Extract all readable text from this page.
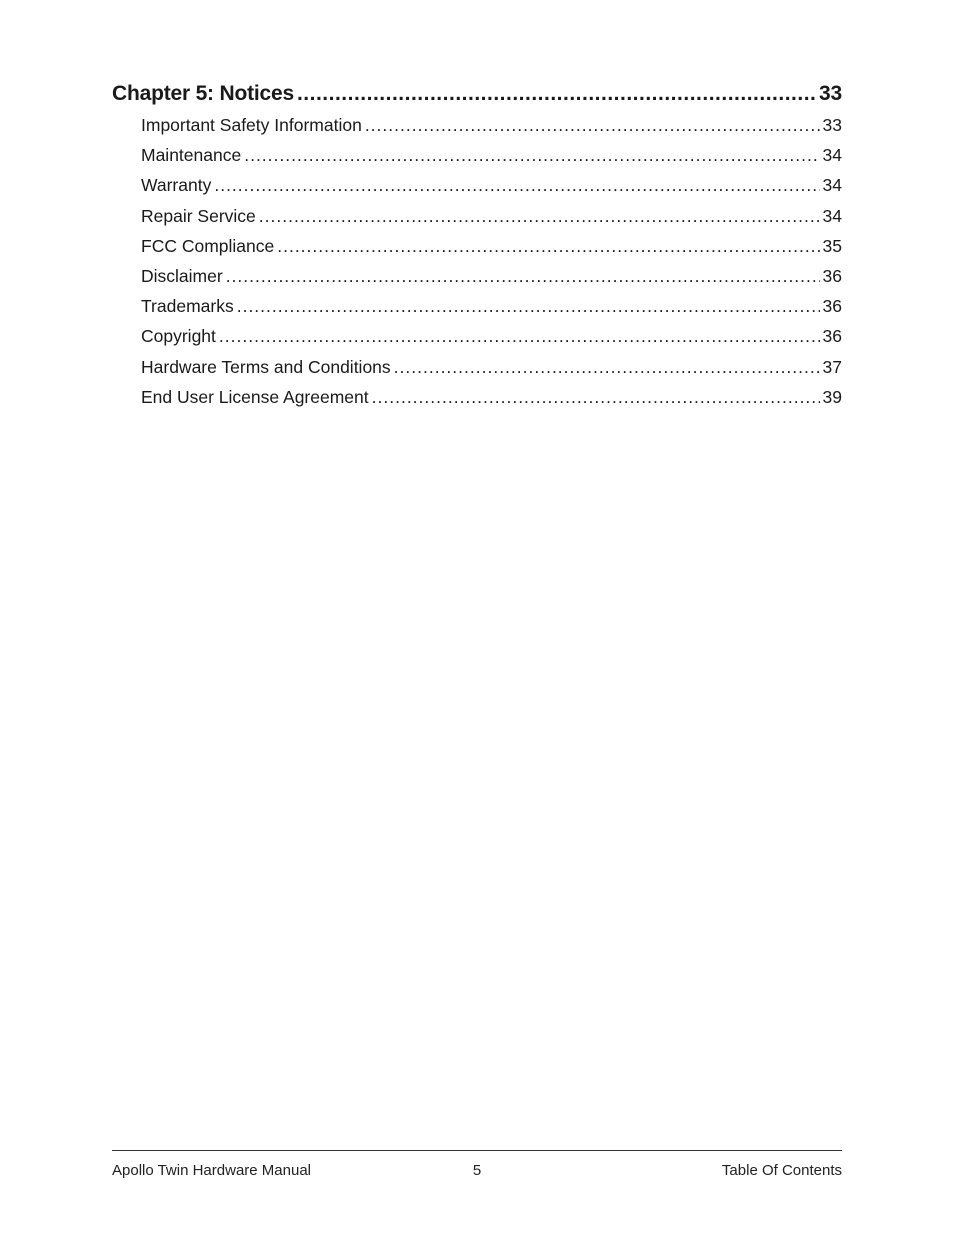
Chapter 5: Notices .....	33
Important Safety Information .....	33
Maintenance .....	34
Warranty .....	34
Repair Service .....	34
FCC Compliance .....	35
Disclaimer .....	36
Trademarks .....	36
Copyright .....	36
Hardware Terms and Conditions .....	37
End User License Agreement .....	39
Apollo Twin Hardware Manual	5	Table Of Contents
